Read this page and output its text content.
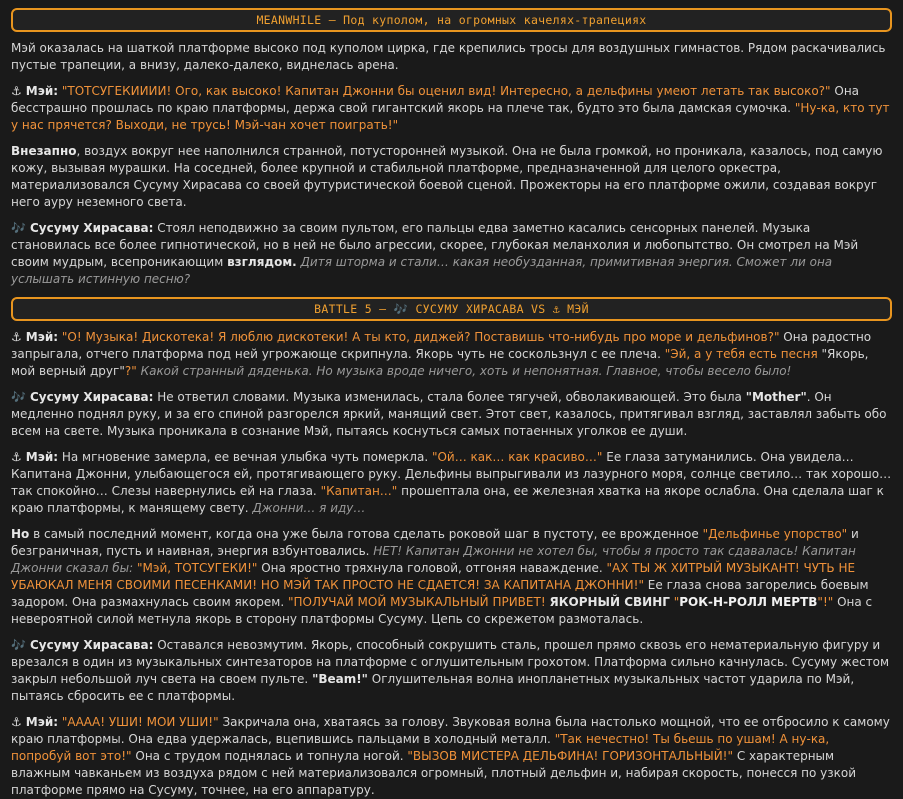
MEANWHILE – Под куполом, на огромных качелях-трапециях

Мэй оказалась на шаткой платформе высоко под куполом цирка, где крепились тросы для воздушных гимнастов. Рядом раскачивались пустые трапеции, а внизу, далеко-далеко, виднелась арена.

⚓ Мэй: "ТОТСУГЕКИИИИ! Ого, как высоко! Капитан Джонни бы оценил вид! Интересно, а дельфины умеют летать так высоко?" Она бесстрашно прошлась по краю платформы, держа свой гигантский якорь на плече так, будто это была дамская сумочка. "Ну-ка, кто тут у нас прячется? Выходи, не трусь! Мэй-чан хочет поиграть!"

Внезапно, воздух вокруг нее наполнился странной, потусторонней музыкой. Она не была громкой, но проникала, казалось, под самую кожу, вызывая мурашки. На соседней, более крупной и стабильной платформе, предназначенной для целого оркестра, материализовался Сусуму Хирасава со своей футуристической боевой сценой. Прожекторы на его платформе ожили, создавая вокруг него ауру неземного света.

🎶 Сусуму Хирасава: Стоял неподвижно за своим пультом, его пальцы едва заметно касались сенсорных панелей. Музыка становилась все более гипнотической, но в ней не было агрессии, скорее, глубокая меланхолия и любопытство. Он смотрел на Мэй своим мудрым, всепроникающим взглядом. Дитя шторма и стали… какая необузданная, примитивная энергия. Сможет ли она услышать истинную песню?

BATTLE 5 – 🎶 СУСУМУ ХИРАСАВА VS ⚓ МЭЙ

⚓ Мэй: "О! Музыка! Дискотека! Я люблю дискотеки! А ты кто, диджей? Поставишь что-нибудь про море и дельфинов?" Она радостно запрыгала, отчего платформа под ней угрожающе скрипнула. Якорь чуть не соскользнул с ее плеча. "Эй, а у тебя есть песня "Якорь, мой верный друг"?" Какой странный дяденька. Но музыка вроде ничего, хоть и непонятная. Главное, чтобы весело было!

🎶 Сусуму Хирасава: Не ответил словами. Музыка изменилась, стала более тягучей, обволакивающей. Это была "Mother". Он медленно поднял руку, и за его спиной разгорелся яркий, манящий свет. Этот свет, казалось, притягивал взгляд, заставлял забыть обо всем на свете. Музыка проникала в сознание Мэй, пытаясь коснуться самых потаенных уголков ее души.

⚓ Мэй: На мгновение замерла, ее вечная улыбка чуть померкла. "Ой… как… как красиво…" Ее глаза затуманились. Она увидела… Капитана Джонни, улыбающегося ей, протягивающего руку. Дельфины выпрыгивали из лазурного моря, солнце светило… так хорошо… так спокойно… Слезы навернулись ей на глаза. "Капитан…" прошептала она, ее железная хватка на якоре ослабла. Она сделала шаг к краю платформы, к манящему свету. Джонни… я иду…

Но в самый последний момент, когда она уже была готова сделать роковой шаг в пустоту, ее врожденное "Дельфинье упорство" и безграничная, пусть и наивная, энергия взбунтовались. НЕТ! Капитан Джонни не хотел бы, чтобы я просто так сдавалась! Капитан Джонни сказал бы: "Мэй, ТОТСУГЕКИ!" Она яростно тряхнула головой, отгоняя наваждение. "АХ ТЫ Ж ХИТРЫЙ МУЗЫКАНТ! ЧУТЬ НЕ УБАЮКАЛ МЕНЯ СВОИМИ ПЕСЕНКАМИ! НО МЭЙ ТАК ПРОСТО НЕ СДАЕТСЯ! ЗА КАПИТАНА ДЖОННИ!" Ее глаза снова загорелись боевым задором. Она размахнулась своим якорем. "ПОЛУЧАЙ МОЙ МУЗЫКАЛЬНЫЙ ПРИВЕТ! ЯКОРНЫЙ СВИНГ "РОК-Н-РОЛЛ МЕРТВ"!" Она с невероятной силой метнула якорь в сторону платформы Сусуму. Цепь со скрежетом размоталась.

🎶 Сусуму Хирасава: Оставался невозмутим. Якорь, способный сокрушить сталь, прошел прямо сквозь его нематериальную фигуру и врезался в один из музыкальных синтезаторов на платформе с оглушительным грохотом. Платформа сильно качнулась. Сусуму жестом закрыл небольшой луч света на своем пульте. "Beam!" Оглушительная волна инопланетных музыкальных частот ударила по Мэй, пытаясь сбросить ее с платформы.

⚓ Мэй: "АААА! УШИ! МОИ УШИ!" Закричала она, хватаясь за голову. Звуковая волна была настолько мощной, что ее отбросило к самому краю платформы. Она едва удержалась, вцепившись пальцами в холодный металл. "Так нечестно! Ты бьешь по ушам! А ну-ка, попробуй вот это!" Она с трудом поднялась и топнула ногой. "ВЫЗОВ МИСТЕРА ДЕЛЬФИНА! ГОРИЗОНТАЛЬНЫЙ!" С характерным влажным чавканьем из воздуха рядом с ней материализовался огромный, плотный дельфин и, набирая скорость, понесся по узкой платформе прямо на Сусуму, точнее, на его аппаратуру.
